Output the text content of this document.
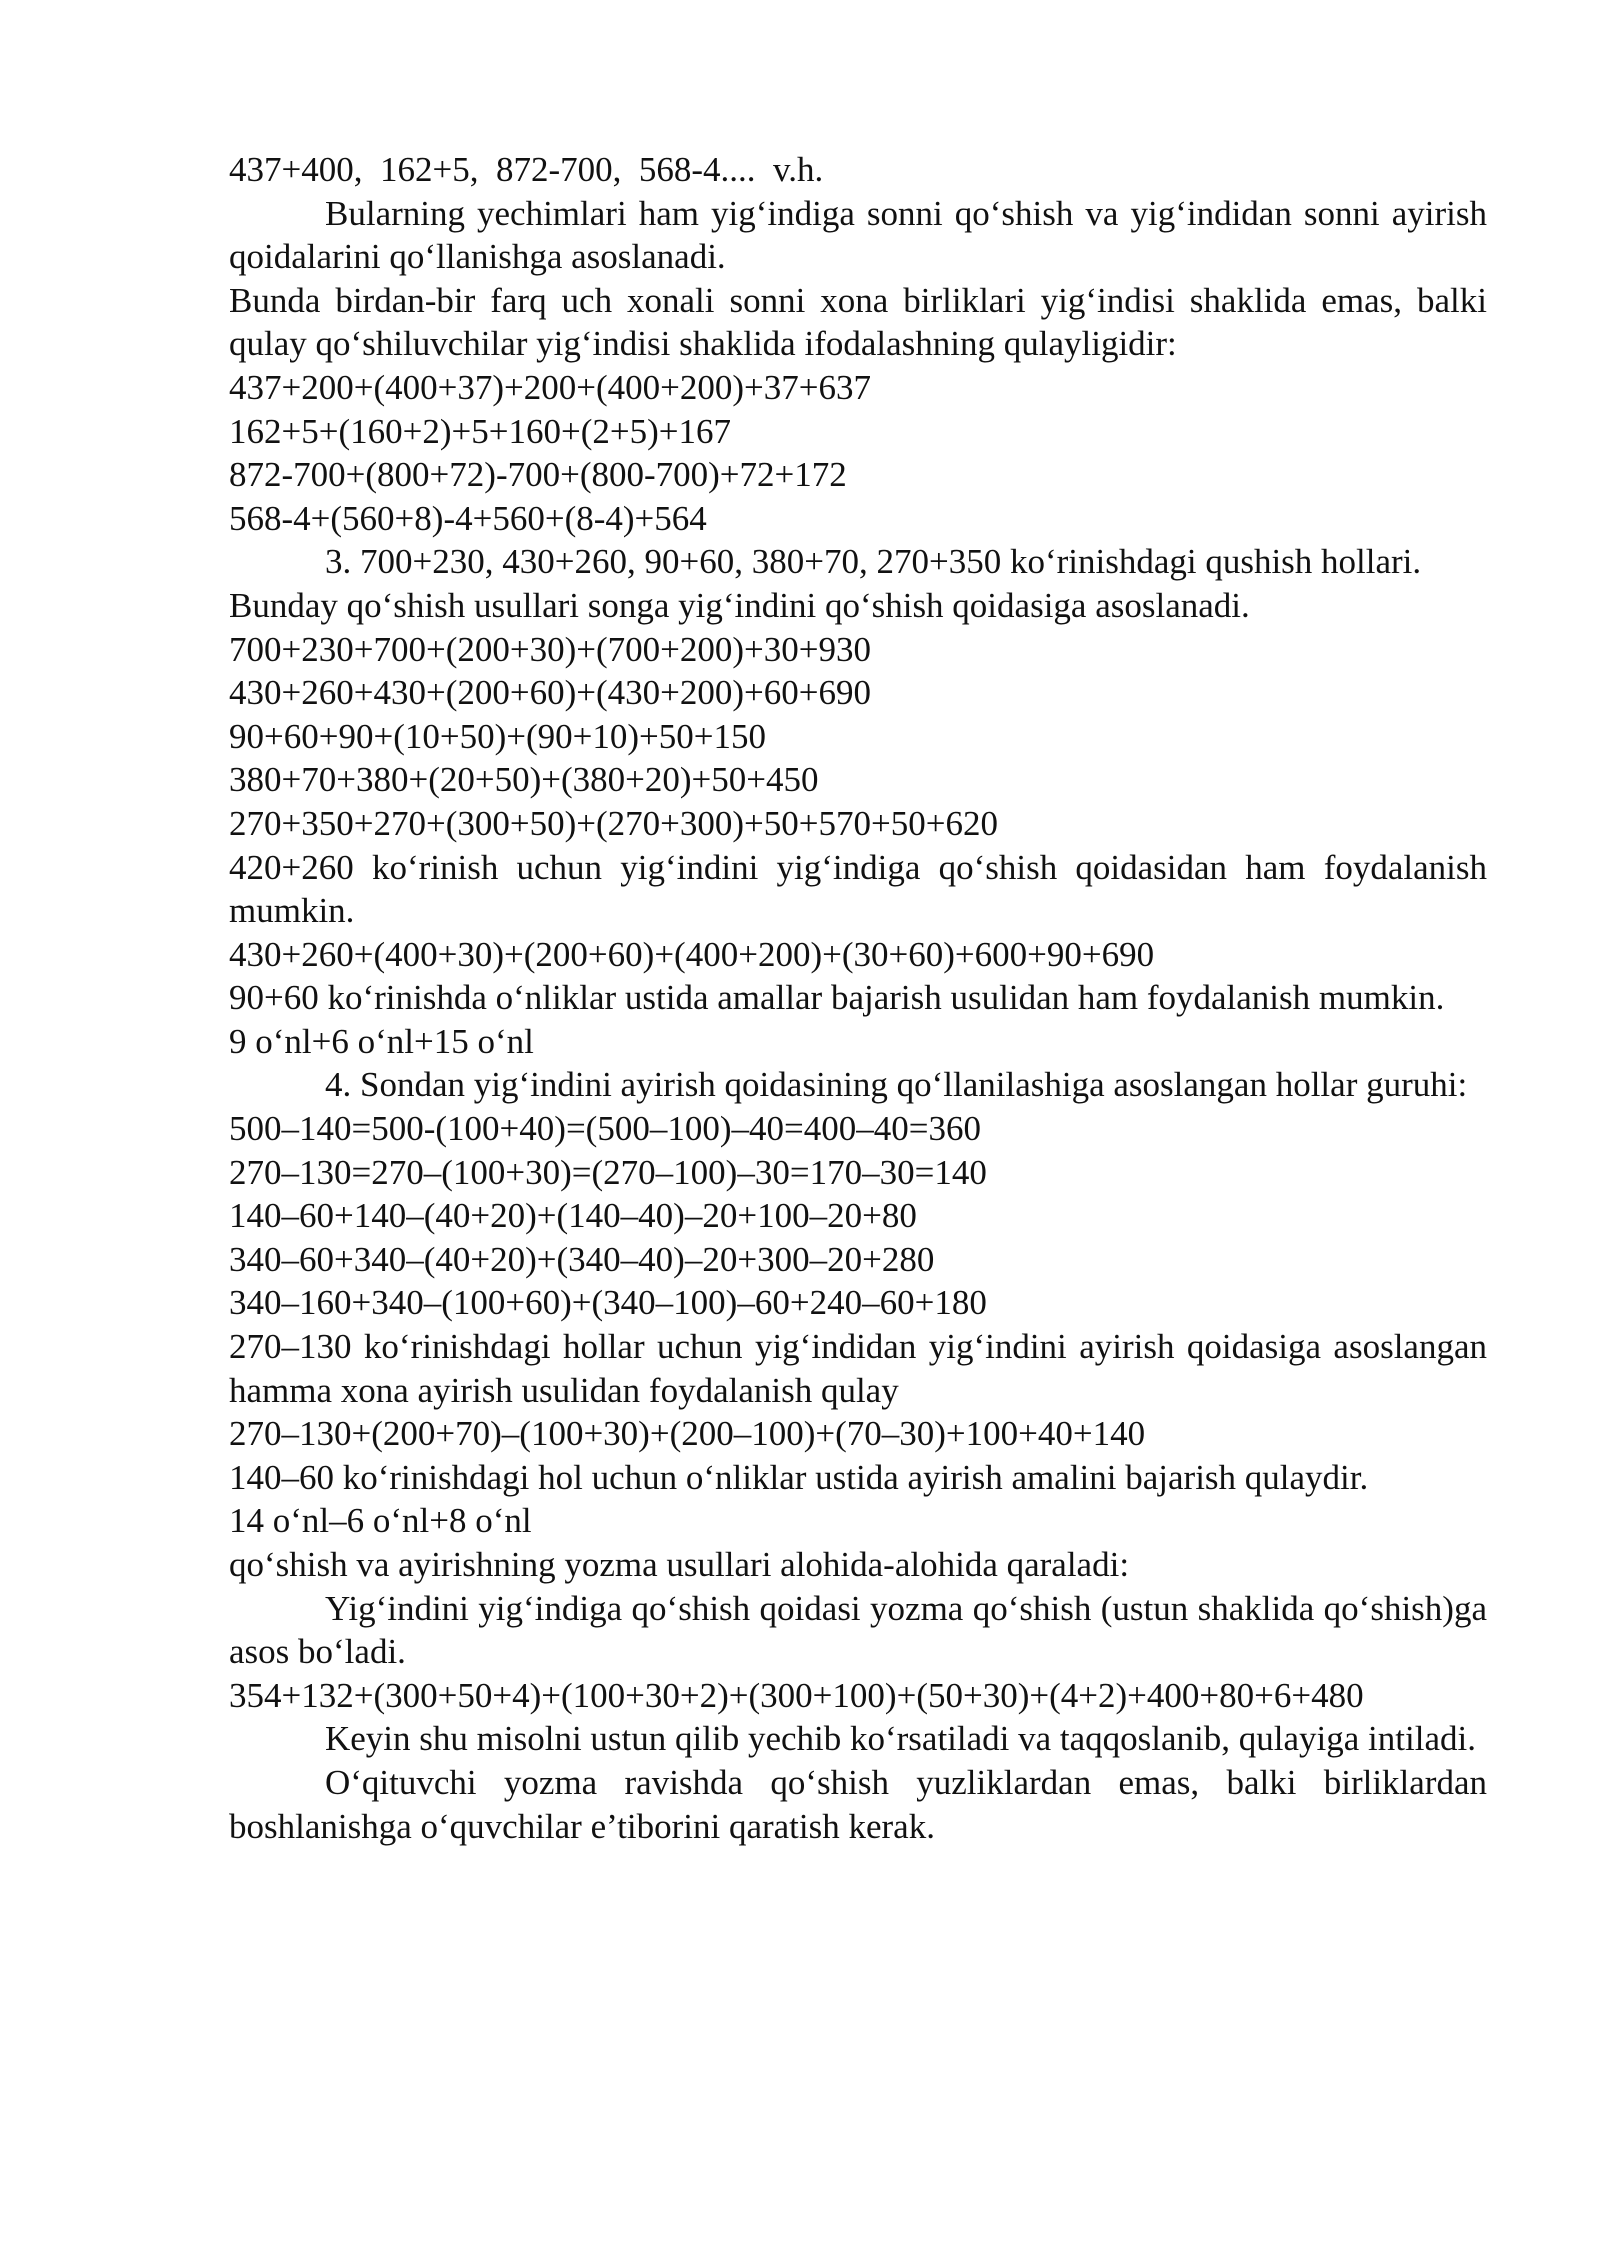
437+400,  162+5,  872-700,  568-4....  v.h.
Bularning yechimlari ham yig‘indiga sonni qo‘shish va yig‘indidan sonni ayirish qoidalarini qo‘llanishga asoslanadi.
Bunda birdan-bir farq uch xonali sonni xona birliklari yig‘indisi shaklida emas, balki qulay qo‘shiluvchilar yig‘indisi shaklida ifodalashning qulayligidir:
437+200+(400+37)+200+(400+200)+37+637
162+5+(160+2)+5+160+(2+5)+167
872-700+(800+72)-700+(800-700)+72+172
568-4+(560+8)-4+560+(8-4)+564
3. 700+230, 430+260, 90+60, 380+70, 270+350 ko‘rinishdagi qushish hollari.
Bunday qo‘shish usullari songa yig‘indini qo‘shish qoidasiga asoslanadi.
700+230+700+(200+30)+(700+200)+30+930
430+260+430+(200+60)+(430+200)+60+690
90+60+90+(10+50)+(90+10)+50+150
380+70+380+(20+50)+(380+20)+50+450
270+350+270+(300+50)+(270+300)+50+570+50+620
420+260 ko‘rinish uchun yig‘indini yig‘indiga qo‘shish qoidasidan ham foydalanish mumkin.
430+260+(400+30)+(200+60)+(400+200)+(30+60)+600+90+690
90+60 ko‘rinishda o‘nliklar ustida amallar bajarish usulidan ham foydalanish mumkin.
9 o‘nl+6 o‘nl+15 o‘nl
4. Sondan yig‘indini ayirish qoidasining qo‘llanilashiga asoslangan hollar guruhi:
500–140=500-(100+40)=(500–100)–40=400–40=360
270–130=270–(100+30)=(270–100)–30=170–30=140
140–60+140–(40+20)+(140–40)–20+100–20+80
340–60+340–(40+20)+(340–40)–20+300–20+280
340–160+340–(100+60)+(340–100)–60+240–60+180
270–130 ko‘rinishdagi hollar uchun yig‘indidan yig‘indini ayirish qoidasiga asoslangan hamma xona ayirish usulidan foydalanish qulay
270–130+(200+70)–(100+30)+(200–100)+(70–30)+100+40+140
140–60 ko‘rinishdagi hol uchun o‘nliklar ustida ayirish amalini bajarish qulaydir.
14 o‘nl–6 o‘nl+8 o‘nl
qo‘shish va ayirishning yozma usullari alohida-alohida qaraladi:
Yig‘indini yig‘indiga qo‘shish qoidasi yozma qo‘shish (ustun shaklida qo‘shish)ga asos bo‘ladi.
354+132+(300+50+4)+(100+30+2)+(300+100)+(50+30)+(4+2)+400+80+6+480
Keyin shu misolni ustun qilib yechib ko‘rsatiladi va taqqoslanib, qulayiga intiladi.
O‘qituvchi yozma ravishda qo‘shish yuzliklardan emas, balki birliklardan boshlanishga o‘quvchilar e’tiborini qaratish kerak.
